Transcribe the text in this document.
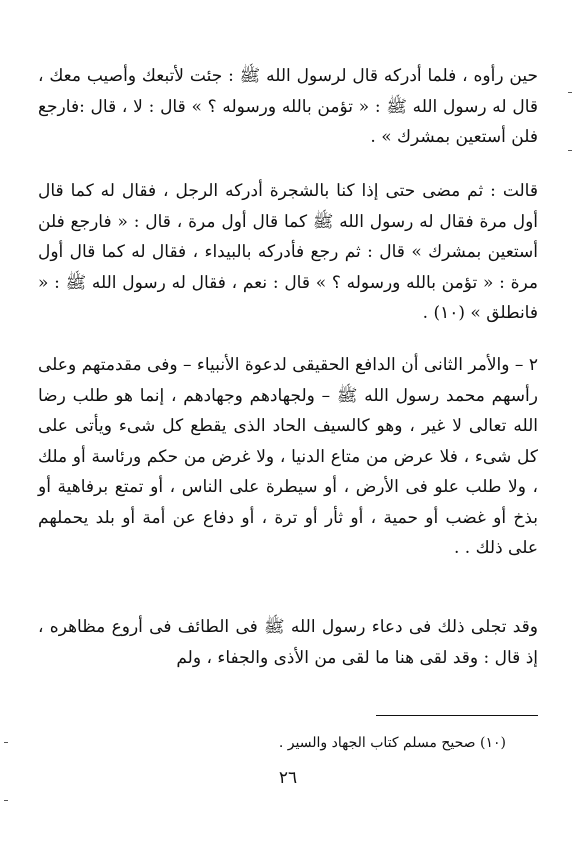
حين رأوه ، فلما أدركه قال لرسول الله ﷺ : جئت لأتبعك وأصيب معك ، قال له رسول الله ﷺ : « تؤمن بالله ورسوله ؟ » قال : لا ، قال :فارجع فلن أستعين بمشرك » .

قالت : ثم مضى حتى إذا كنا بالشجرة أدركه الرجل ، فقال له كما قال أول مرة فقال له رسول الله ﷺ كما قال أول مرة ، قال : « فارجع فلن أستعين بمشرك » قال : ثم رجع فأدركه بالبيداء ، فقال له كما قال أول مرة : « تؤمن بالله ورسوله ؟ » قال : نعم ، فقال له رسول الله ﷺ : « فانطلق » (١٠) .

٢ – والأمر الثانى أن الدافع الحقيقى لدعوة الأنبياء – وفى مقدمتهم وعلى رأسهم محمد رسول الله ﷺ – ولجهادهم وجهادهم ، إنما هو طلب رضا الله تعالى لا غير ، وهو كالسيف الحاد الذى يقطع كل شىء ويأتى على كل شىء ، فلا عرض من متاع الدنيا ، ولا غرض من حكم ورئاسة أو ملك ، ولا طلب علو فى الأرض ، أو سيطرة على الناس ، أو تمتع برفاهية أو بذخ أو غضب أو حمية ، أو ثأر أو ترة ، أو دفاع عن أمة أو بلد يحملهم على ذلك . .

وقد تجلى ذلك فى دعاء رسول الله ﷺ فى الطائف فى أروع مظاهره ، إذ قال : وقد لقى هنا ما لقى من الأذى والجفاء ، ولم

(١٠) صحيح مسلم كتاب الجهاد والسير .

٢٦
